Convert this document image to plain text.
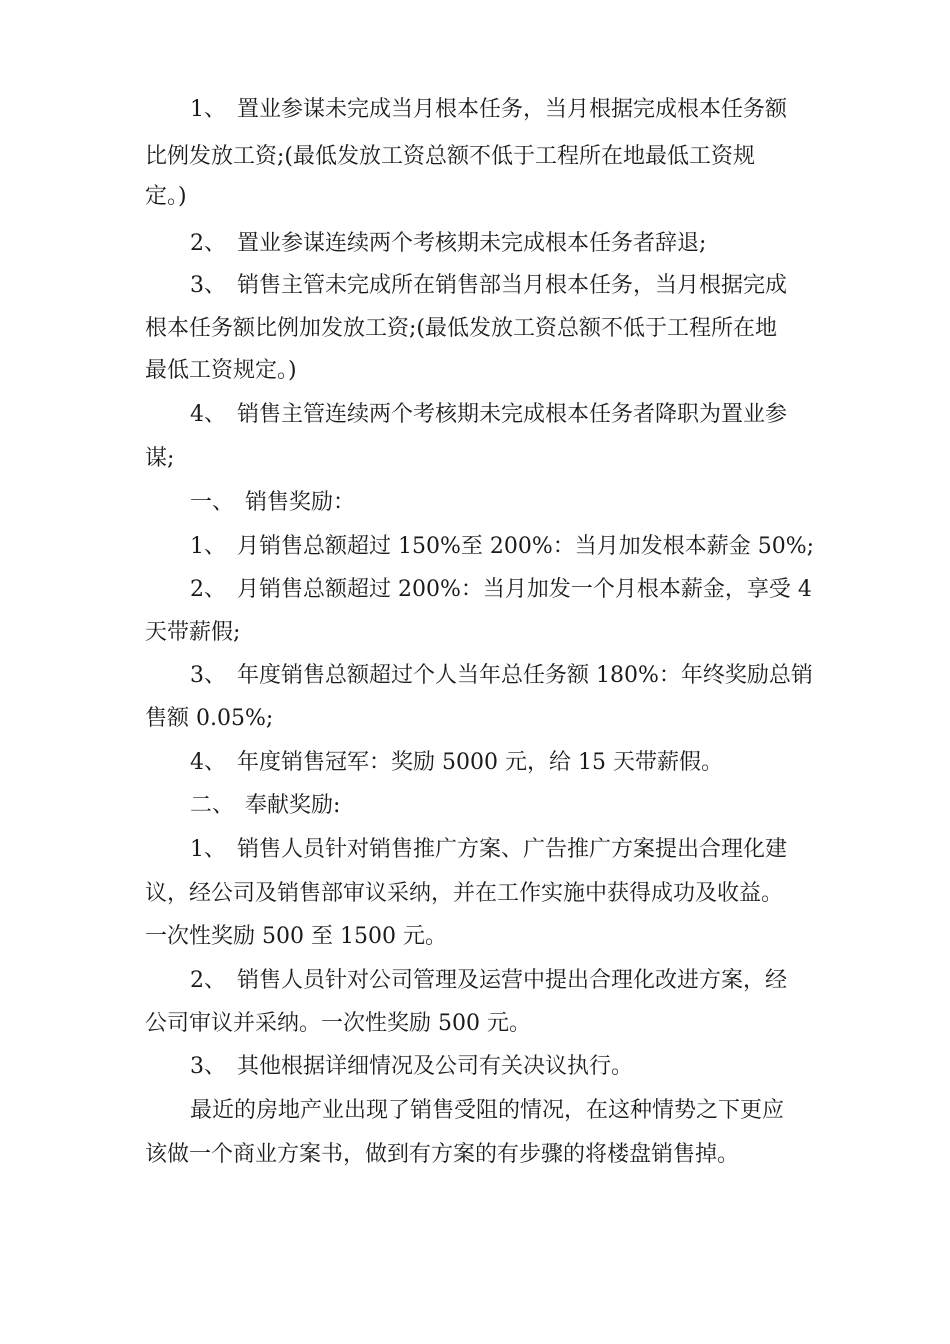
1、　置业参谋未完成当月根本任务，当月根据完成根本任务额
比例发放工资;(最低发放工资总额不低于工程所在地最低工资规
定。)
2、　置业参谋连续两个考核期未完成根本任务者辞退;
3、　销售主管未完成所在销售部当月根本任务，当月根据完成
根本任务额比例加发放工资;(最低发放工资总额不低于工程所在地
最低工资规定。)
4、　销售主管连续两个考核期未完成根本任务者降职为置业参
谋;
一、　销售奖励：
1、　月销售总额超过 150%至 200%：当月加发根本薪金 50%;
2、　月销售总额超过 200%：当月加发一个月根本薪金，享受 4
天带薪假;
3、　年度销售总额超过个人当年总任务额 180%：年终奖励总销
售额 0.05%;
4、　年度销售冠军：奖励 5000 元，给 15 天带薪假。
二、　奉献奖励:
1、　销售人员针对销售推广方案、广告推广方案提出合理化建
议，经公司及销售部审议采纳，并在工作实施中获得成功及收益。
一次性奖励 500 至 1500 元。
2、　销售人员针对公司管理及运营中提出合理化改进方案，经
公司审议并采纳。一次性奖励 500 元。
3、　其他根据详细情况及公司有关决议执行。
最近的房地产业出现了销售受阻的情况，在这种情势之下更应
该做一个商业方案书，做到有方案的有步骤的将楼盘销售掉。
